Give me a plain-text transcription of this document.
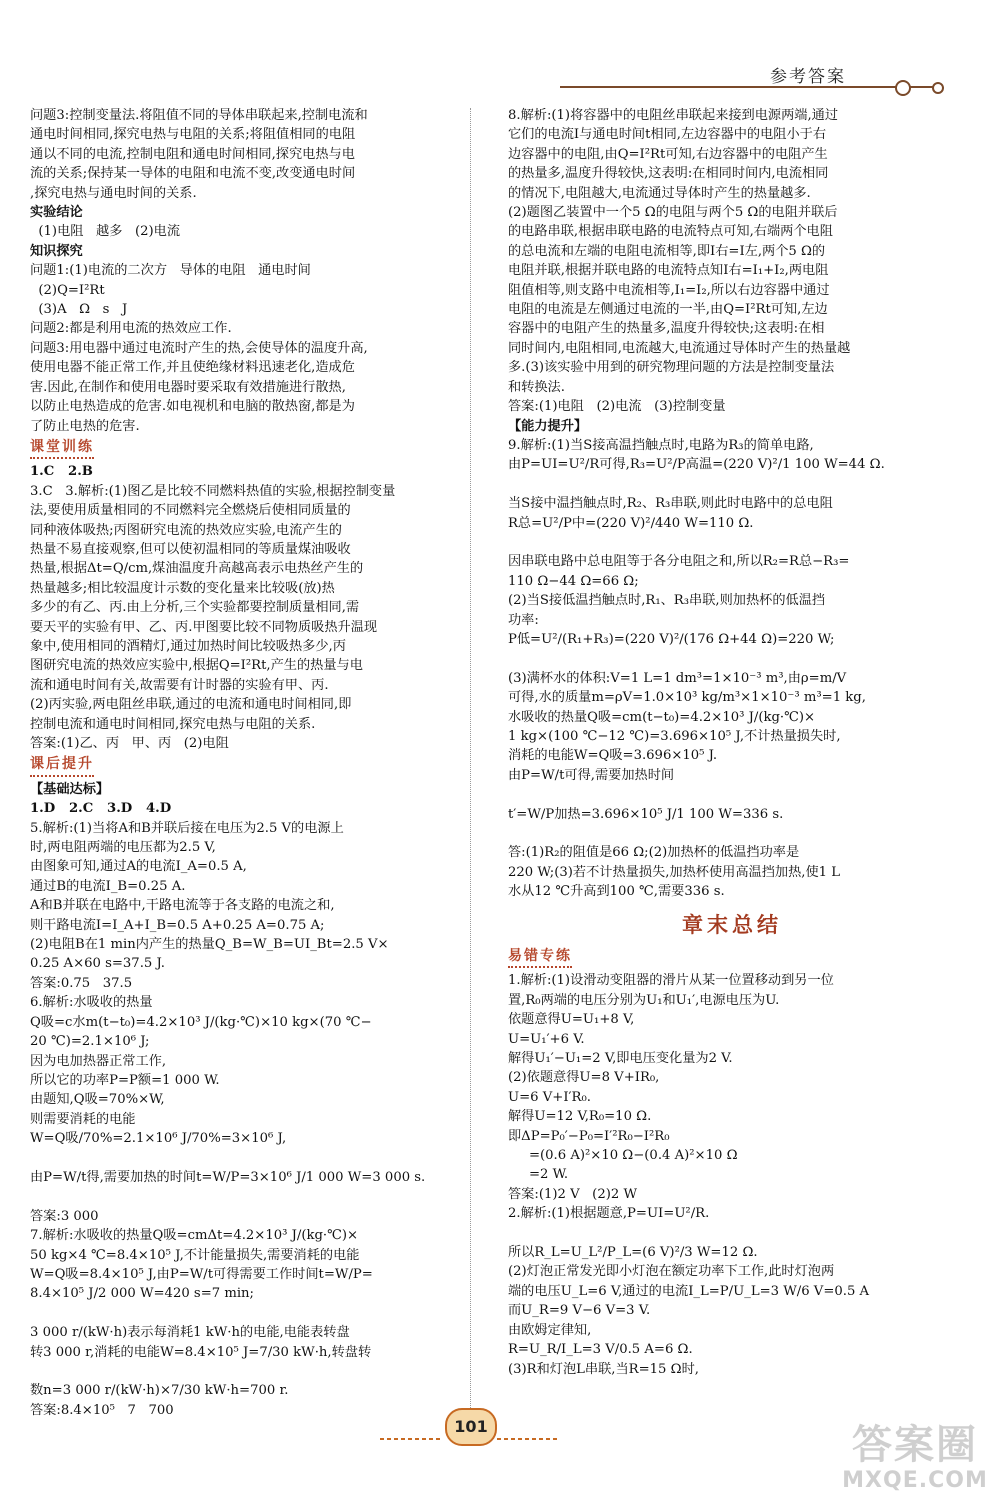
参考答案
问题3:控制变量法.将阻值不同的导体串联起来,控制电流和
通电时间相同,探究电热与电阻的关系;将阻值相同的电阻
通以不同的电流,控制电阻和通电时间相同,探究电热与电
流的关系;保持某一导体的电阻和电流不变,改变通电时间
,探究电热与通电时间的关系.
实验结论
(1)电阻   越多   (2)电流
知识探究
问题1:(1)电流的二次方   导体的电阻   通电时间
(2)Q=I²Rt
(3)A   Ω   s   J
问题2:都是利用电流的热效应工作.
问题3:用电器中通过电流时产生的热,会使导体的温度升高,
使用电器不能正常工作,并且使绝缘材料迅速老化,造成危
害.因此,在制作和使用电器时要采取有效措施进行散热,
以防止电热造成的危害.如电视机和电脑的散热窗,都是为
了防止电热的危害.
课堂训练
1.C   2.B
3.C   3.解析:(1)图乙是比较不同燃料热值的实验,根据控制变量
法,要使用质量相同的不同燃料完全燃烧后使相同质量的
同种液体吸热;丙图研究电流的热效应实验,电流产生的
热量不易直接观察,但可以使初温相同的等质量煤油吸收
热量,根据Δt=Q/cm,煤油温度升高越高表示电热丝产生的
热量越多;相比较温度计示数的变化量来比较吸(放)热
多少的有乙、丙.由上分析,三个实验都要控制质量相同,需
要天平的实验有甲、乙、丙.甲图要比较不同物质吸热升温现
象中,使用相同的酒精灯,通过加热时间比较吸热多少,丙
图研究电流的热效应实验中,根据Q=I²Rt,产生的热量与电
流和通电时间有关,故需要有计时器的实验有甲、丙.
(2)丙实验,两电阻丝串联,通过的电流和通电时间相同,即
控制电流和通电时间相同,探究电热与电阻的关系.
答案:(1)乙、丙   甲、丙   (2)电阻
课后提升
【基础达标】
1.D   2.C   3.D   4.D
5.解析:(1)当将A和B并联后接在电压为2.5 V的电源上
时,两电阻两端的电压都为2.5 V,
由图象可知,通过A的电流I_A=0.5 A,
通过B的电流I_B=0.25 A.
A和B并联在电路中,干路电流等于各支路的电流之和,
则干路电流I=I_A+I_B=0.5 A+0.25 A=0.75 A;
(2)电阻B在1 min内产生的热量Q_B=W_B=UI_Bt=2.5 V×
0.25 A×60 s=37.5 J.
答案:0.75   37.5
6.解析:水吸收的热量
Q吸=c水m(t−t₀)=4.2×10³ J/(kg·℃)×10 kg×(70 ℃−
20 ℃)=2.1×10⁶ J;
因为电加热器正常工作,
所以它的功率P=P额=1 000 W.
由题知,Q吸=70%×W,
则需要消耗的电能
W=Q吸/70%=2.1×10⁶ J/70%=3×10⁶ J,
由P=W/t得,需要加热的时间t=W/P=3×10⁶ J/1 000 W=3 000 s.
答案:3 000
7.解析:水吸收的热量Q吸=cmΔt=4.2×10³ J/(kg·℃)×
50 kg×4 ℃=8.4×10⁵ J,不计能量损失,需要消耗的电能
W=Q吸=8.4×10⁵ J,由P=W/t可得需要工作时间t=W/P=
8.4×10⁵ J/2 000 W=420 s=7 min;
3 000 r/(kW·h)表示每消耗1 kW·h的电能,电能表转盘
转3 000 r,消耗的电能W=8.4×10⁵ J=7/30 kW·h,转盘转
数n=3 000 r/(kW·h)×7/30 kW·h=700 r.
答案:8.4×10⁵   7   700
8.解析:(1)将容器中的电阻丝串联起来接到电源两端,通过
它们的电流I与通电时间t相同,左边容器中的电阻小于右
边容器中的电阻,由Q=I²Rt可知,右边容器中的电阻产生
的热量多,温度升得较快,这表明:在相同时间内,电流相同
的情况下,电阻越大,电流通过导体时产生的热量越多.
(2)题图乙装置中一个5 Ω的电阻与两个5 Ω的电阻并联后
的电路串联,根据串联电路的电流特点可知,右端两个电阻
的总电流和左端的电阻电流相等,即I右=I左,两个5 Ω的
电阻并联,根据并联电路的电流特点知I右=I₁+I₂,两电阻
阻值相等,则支路中电流相等,I₁=I₂,所以右边容器中通过
电阻的电流是左侧通过电流的一半,由Q=I²Rt可知,左边
容器中的电阻产生的热量多,温度升得较快;这表明:在相
同时间内,电阻相同,电流越大,电流通过导体时产生的热量越
多.(3)该实验中用到的研究物理问题的方法是控制变量法
和转换法.
答案:(1)电阻   (2)电流   (3)控制变量
【能力提升】
9.解析:(1)当S接高温挡触点时,电路为R₃的简单电路,
由P=UI=U²/R可得,R₃=U²/P高温=(220 V)²/1 100 W=44 Ω.
当S接中温挡触点时,R₂、R₃串联,则此时电路中的总电阻
R总=U²/P中=(220 V)²/440 W=110 Ω.
因串联电路中总电阻等于各分电阻之和,所以R₂=R总−R₃=
110 Ω−44 Ω=66 Ω;
(2)当S接低温挡触点时,R₁、R₃串联,则加热杯的低温挡
功率:
P低=U²/(R₁+R₃)=(220 V)²/(176 Ω+44 Ω)=220 W;
(3)满杯水的体积:V=1 L=1 dm³=1×10⁻³ m³,由ρ=m/V
可得,水的质量m=ρV=1.0×10³ kg/m³×1×10⁻³ m³=1 kg,
水吸收的热量Q吸=cm(t−t₀)=4.2×10³ J/(kg·℃)×
1 kg×(100 ℃−12 ℃)=3.696×10⁵ J,不计热量损失时,
消耗的电能W=Q吸=3.696×10⁵ J.
由P=W/t可得,需要加热时间
t′=W/P加热=3.696×10⁵ J/1 100 W=336 s.
答:(1)R₂的阻值是66 Ω;(2)加热杯的低温挡功率是
220 W;(3)若不计热量损失,加热杯使用高温挡加热,使1 L
水从12 ℃升高到100 ℃,需要336 s.
章末总结
易错专练
1.解析:(1)设滑动变阻器的滑片从某一位置移动到另一位
置,R₀两端的电压分别为U₁和U₁′,电源电压为U.
依题意得U=U₁+8 V,
U=U₁′+6 V.
解得U₁′−U₁=2 V,即电压变化量为2 V.
(2)依题意得U=8 V+IR₀,
U=6 V+I′R₀.
解得U=12 V,R₀=10 Ω.
即ΔP=P₀′−P₀=I′²R₀−I²R₀
=(0.6 A)²×10 Ω−(0.4 A)²×10 Ω
=2 W.
答案:(1)2 V   (2)2 W
2.解析:(1)根据题意,P=UI=U²/R.
所以R_L=U_L²/P_L=(6 V)²/3 W=12 Ω.
(2)灯泡正常发光即小灯泡在额定功率下工作,此时灯泡两
端的电压U_L=6 V,通过的电流I_L=P/U_L=3 W/6 V=0.5 A
而U_R=9 V−6 V=3 V.
由欧姆定律知,
R=U_R/I_L=3 V/0.5 A=6 Ω.
(3)R和灯泡L串联,当R=15 Ω时,
101	答案圈
MXQE.COM
